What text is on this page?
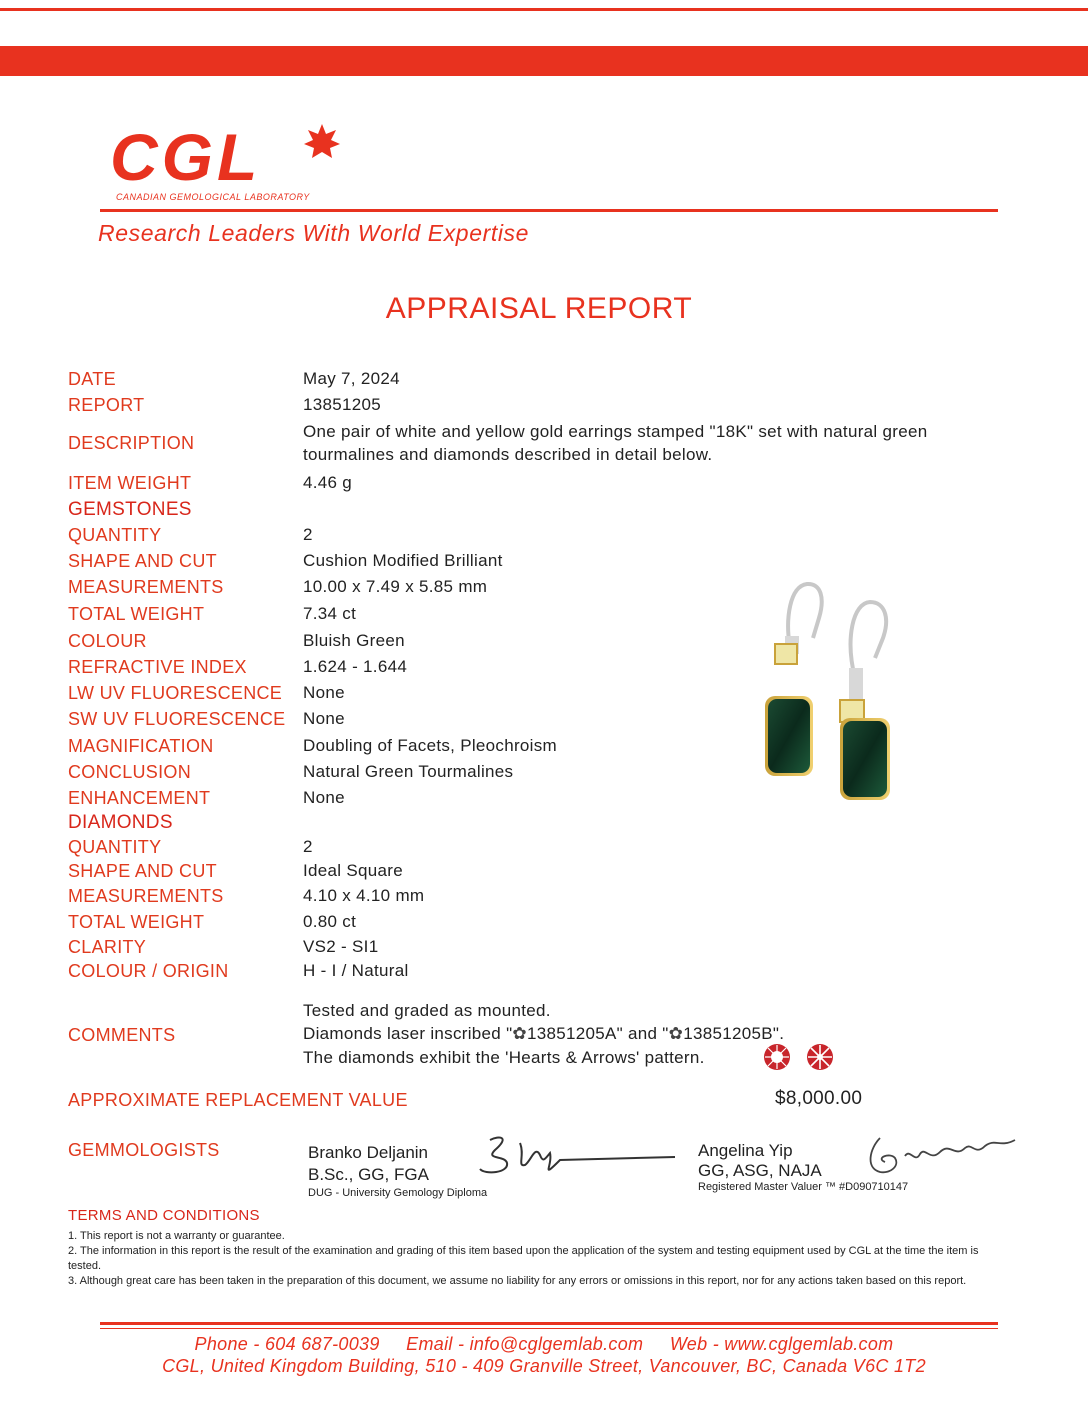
CGL
CANADIAN GEMOLOGICAL LABORATORY
Research Leaders With World Expertise
APPRAISAL REPORT
DATE	May 7, 2024
REPORT	13851205
DESCRIPTION
One pair of white and yellow gold earrings stamped "18K" set with natural green
tourmalines and diamonds described in detail below.
ITEM WEIGHT	4.46 g
GEMSTONES
QUANTITY	2
SHAPE AND CUT	Cushion Modified Brilliant
MEASUREMENTS	10.00 x 7.49 x 5.85 mm
TOTAL WEIGHT	7.34 ct
COLOUR	Bluish Green
REFRACTIVE INDEX	1.624 - 1.644
LW UV FLUORESCENCE None
SW UV FLUORESCENCE None
MAGNIFICATION	Doubling of Facets, Pleochroism
CONCLUSION	Natural Green Tourmalines
ENHANCEMENT	None
DIAMONDS
QUANTITY	2
SHAPE AND CUT	Ideal Square
MEASUREMENTS	4.10 x 4.10 mm
TOTAL WEIGHT	0.80 ct
CLARITY	VS2 - SI1
COLOUR / ORIGIN	H - I / Natural
COMMENTS
Tested and graded as mounted.
Diamonds laser inscribed "✿13851205A" and "✿13851205B".
The diamonds exhibit the 'Hearts & Arrows' pattern.
APPROXIMATE REPLACEMENT VALUE	$8,000.00
GEMMOLOGISTS	Branko Deljanin
B.Sc., GG, FGA
DUG - University Gemology Diploma
Angelina Yip
GG, ASG, NAJA
Registered Master Valuer ™ #D090710147
TERMS AND CONDITIONS
1. This report is not a warranty or guarantee.
2. The information in this report is the result of the examination and grading of this item based upon the application of the system and testing equipment used by CGL at the time the item is tested.
3. Although great care has been taken in the preparation of this document, we assume no liability for any errors or omissions in this report, nor for any actions taken based on this report.
Phone - 604 687-0039     Email - info@cglgemlab.com     Web - www.cglgemlab.com
CGL, United Kingdom Building, 510 - 409 Granville Street, Vancouver, BC, Canada V6C 1T2
